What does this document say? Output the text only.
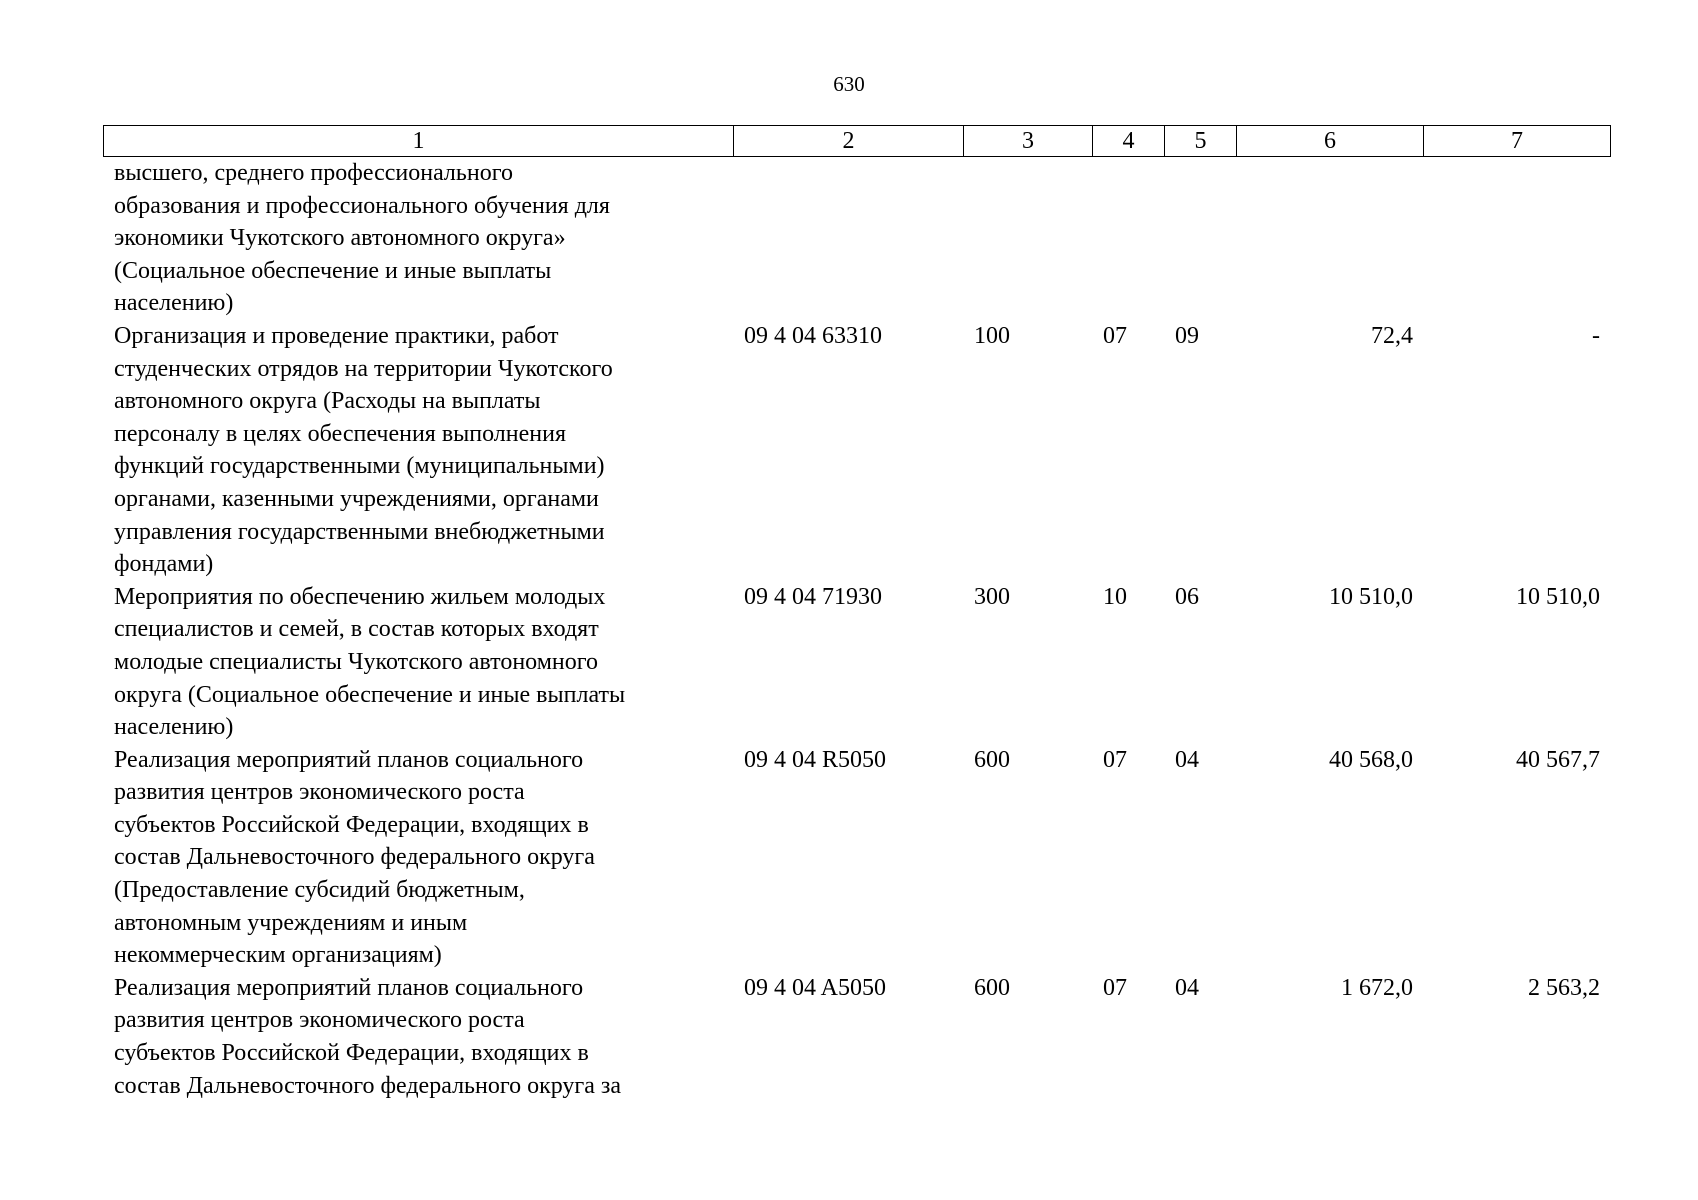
630
1	2	3	4	5	6	7
высшего, среднего профессионального
образования и профессионального обучения для
экономики Чукотского автономного округа»
(Социальное обеспечение и иные выплаты
населению)
Организация и проведение практики, работ
студенческих отрядов на территории Чукотского
автономного округа (Расходы на выплаты
персоналу в целях обеспечения выполнения
функций государственными (муниципальными)
органами, казенными учреждениями, органами
управления государственными внебюджетными
фондами)
09 4 04 63310	100	07	09	72,4	-
Мероприятия по обеспечению жильем молодых
специалистов и семей, в состав которых входят
молодые специалисты Чукотского автономного
округа (Социальное обеспечение и иные выплаты
населению)
09 4 04 71930	300	10	06	10 510,0	10 510,0
Реализация мероприятий планов социального
развития центров экономического роста
субъектов Российской Федерации, входящих в
состав Дальневосточного федерального округа
(Предоставление субсидий бюджетным,
автономным учреждениям и иным
некоммерческим организациям)
09 4 04 R5050	600	07	04	40 568,0	40 567,7
Реализация мероприятий планов социального
развития центров экономического роста
субъектов Российской Федерации, входящих в
состав Дальневосточного федерального округа за
09 4 04 A5050	600	07	04	1 672,0	2 563,2
